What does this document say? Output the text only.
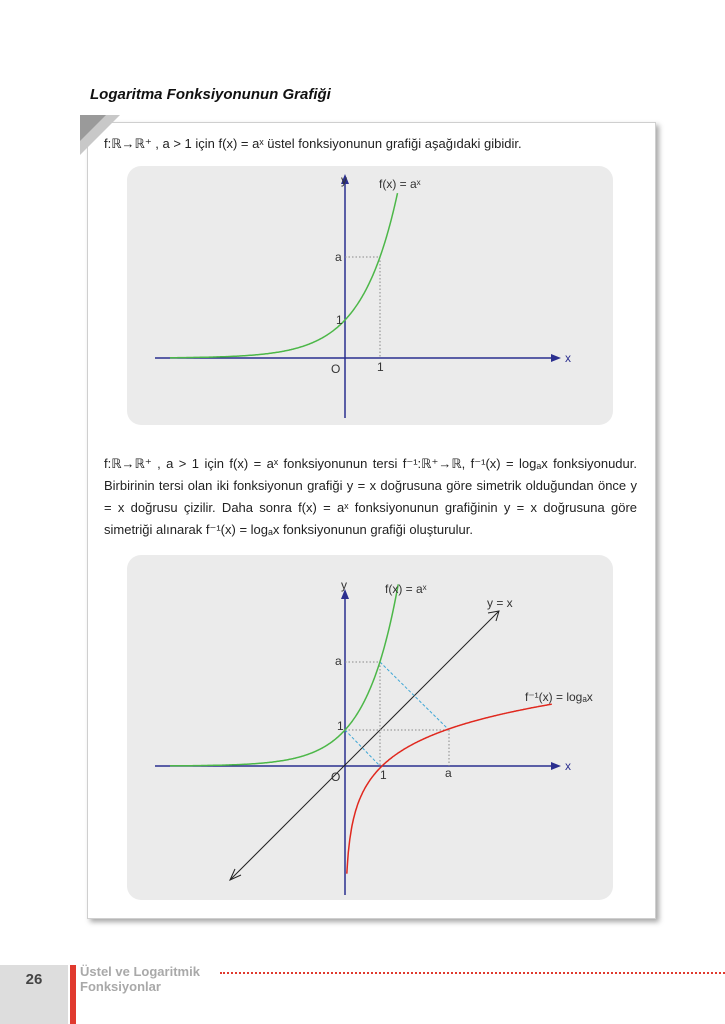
Logaritma Fonksiyonunun Grafiği
f:ℝ→ℝ⁺ , a > 1 için f(x) = aˣ üstel fonksiyonunun grafiği aşağıdaki gibidir.
y
x
O	1
1
a
f(x) = aˣ
f:ℝ→ℝ⁺ , a > 1 için f(x) = aˣ fonksiyonunun tersi f⁻¹:ℝ⁺→ℝ, f⁻¹(x) = logₐx fonksiyonudur. Birbirinin tersi olan iki fonksiyonun grafiği y = x doğrusuna göre simetrik olduğundan önce y = x doğrusu çizilir. Daha sonra f(x) = aˣ fonksiyonunun grafiğinin y = x doğrusuna göre simetriği alınarak f⁻¹(x) = logₐx fonksiyonunun grafiği oluşturulur.
y
x
O	1	a
1
a
f(x) = aˣ
y = x
f⁻¹(x) = logₐx
26	Üstel ve Logaritmik
Fonksiyonlar
